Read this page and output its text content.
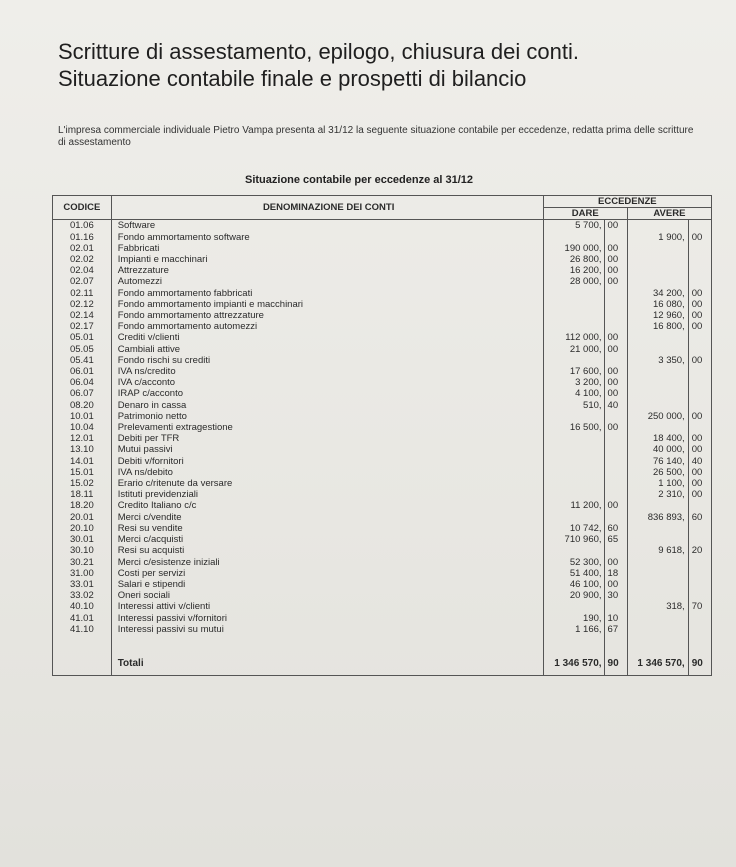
Scritture di assestamento, epilogo, chiusura dei conti.
Situazione contabile finale e prospetti di bilancio
L'impresa commerciale individuale Pietro Vampa presenta al 31/12 la seguente situazione contabile per eccedenze, redatta prima delle scritture di assestamento
Situazione contabile per eccedenze al 31/12
CODICE	DENOMINAZIONE DEI CONTI	ECCEDENZE			
		DARE		AVERE	
01.06	Software	5 700,	00		
01.16	Fondo ammortamento software			1 900,	00
02.01	Fabbricati	190 000,	00		
02.02	Impianti e macchinari	26 800,	00		
02.04	Attrezzature	16 200,	00		
02.07	Automezzi	28 000,	00		
02.11	Fondo ammortamento fabbricati			34 200,	00
02.12	Fondo ammortamento impianti e macchinari			16 080,	00
02.14	Fondo ammortamento attrezzature			12 960,	00
02.17	Fondo ammortamento automezzi			16 800,	00
05.01	Crediti v/clienti	112 000,	00		
05.05	Cambiali attive	21 000,	00		
05.41	Fondo rischi su crediti			3 350,	00
06.01	IVA ns/credito	17 600,	00		
06.04	IVA c/acconto	3 200,	00		
06.07	IRAP c/acconto	4 100,	00		
08.20	Denaro in cassa	510,	40		
10.01	Patrimonio netto			250 000,	00
10.04	Prelevamenti extragestione	16 500,	00		
12.01	Debiti per TFR			18 400,	00
13.10	Mutui passivi			40 000,	00
14.01	Debiti v/fornitori			76 140,	40
15.01	IVA ns/debito			26 500,	00
15.02	Erario c/ritenute da versare			1 100,	00
18.11	Istituti previdenziali			2 310,	00
18.20	Credito Italiano c/c	11 200,	00		
20.01	Merci c/vendite			836 893,	60
20.10	Resi su vendite	10 742,	60		
30.01	Merci c/acquisti	710 960,	65		
30.10	Resi su acquisti			9 618,	20
30.21	Merci c/esistenze iniziali	52 300,	00		
31.00	Costi per servizi	51 400,	18		
33.01	Salari e stipendi	46 100,	00		
33.02	Oneri sociali	20 900,	30		
40.10	Interessi attivi v/clienti			318,	70
41.01	Interessi passivi v/fornitori	190,	10		
41.10	Interessi passivi su mutui	1 166,	67		

	Totali	1 346 570,	90	1 346 570,	90
